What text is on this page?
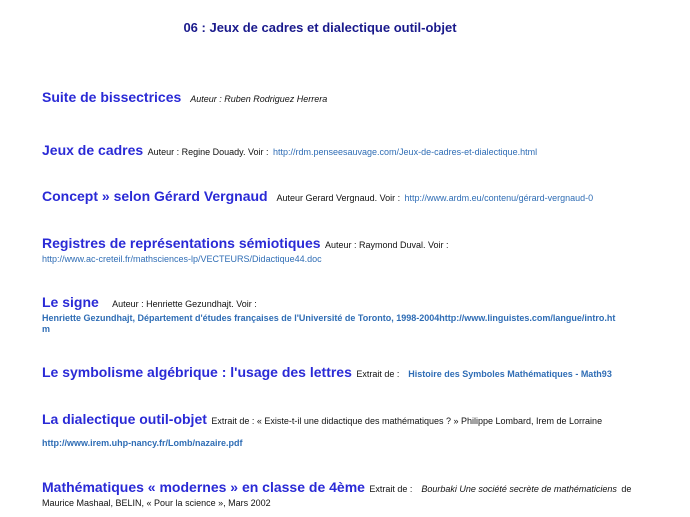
06 : Jeux de cadres et dialectique outil-objet
Suite de bissectrices Auteur : Ruben Rodriguez Herrera
Jeux de cadres Auteur : Regine Douady. Voir : http://rdm.penseesauvage.com/Jeux-de-cadres-et-dialectique.html
Concept » selon Gérard Vergnaud Auteur Gerard Vergnaud. Voir : http://www.ardm.eu/contenu/gérard-vergnaud-0
Registres de représentations sémiotiques Auteur : Raymond Duval. Voir :
http://www.ac-creteil.fr/mathsciences-lp/VECTEURS/Didactique44.doc
Le signe Auteur : Henriette Gezundhajt. Voir :
Henriette Gezundhajt, Département d'études françaises de l'Université de Toronto, 1998-2004http://www.linguistes.com/langue/intro.ht
m
Le symbolisme algébrique : l'usage des lettres Extrait de : Histoire des Symboles Mathématiques - Math93
La dialectique outil-objet Extrait de : « Existe-t-il une didactique des mathématiques ? » Philippe Lombard, Irem de Lorraine
http://www.irem.uhp-nancy.fr/Lomb/nazaire.pdf
Mathématiques « modernes » en classe de 4ème Extrait de : Bourbaki Une société secrète de mathématiciens de
Maurice Mashaal, BELIN, « Pour la science », Mars 2002
